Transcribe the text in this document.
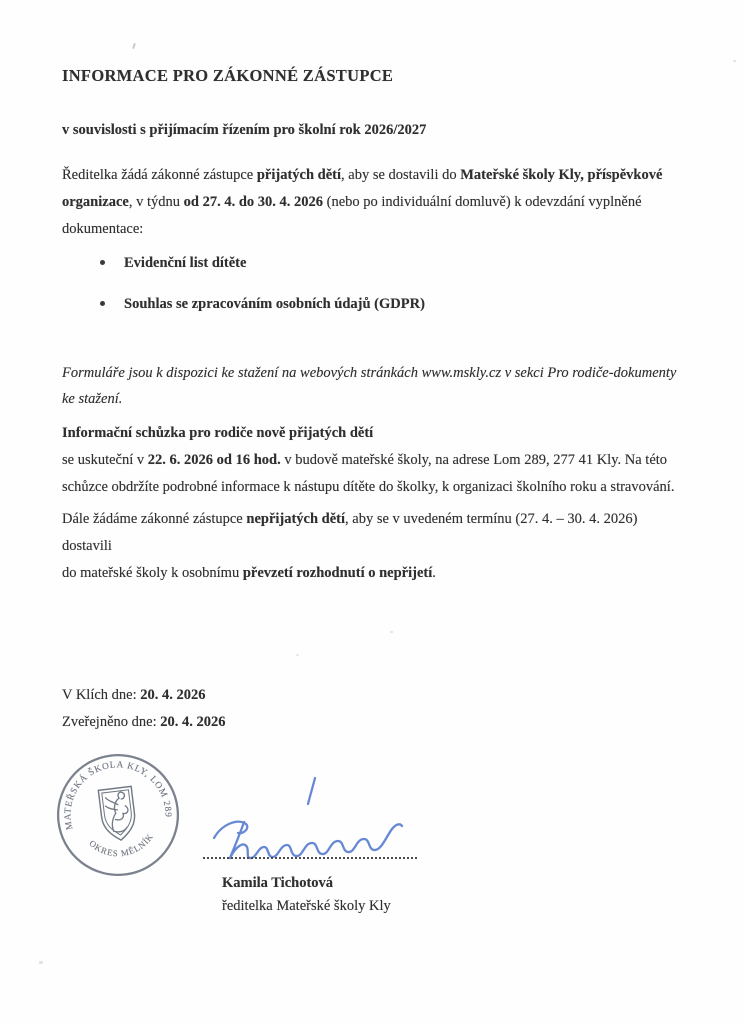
INFORMACE PRO ZÁKONNÉ ZÁSTUPCE
v souvislosti s přijímacím řízením pro školní rok 2026/2027

Ředitelka žádá zákonné zástupce přijatých dětí, aby se dostavili do Mateřské školy Kly, příspěvkové
organizace, v týdnu od 27. 4. do 30. 4. 2026 (nebo po individuální domluvě) k odevzdání vyplněné
dokumentace:

Evidenční list dítěte
Souhlas se zpracováním osobních údajů (GDPR)

Formuláře jsou k dispozici ke stažení na webových stránkách www.mskly.cz v sekci Pro rodiče-dokumenty
ke stažení.

Informační schůzka pro rodiče nově přijatých dětí
se uskuteční v 22. 6. 2026 od 16 hod. v budově mateřské školy, na adrese Lom 289, 277 41 Kly. Na této
schůzce obdržíte podrobné informace k nástupu dítěte do školky, k organizaci školního roku a stravování.

Dále žádáme zákonné zástupce nepřijatých dětí, aby se v uvedeném termínu (27. 4. – 30. 4. 2026) dostavili
do mateřské školy k osobnímu převzetí rozhodnutí o nepřijetí.

V Klích dne: 20. 4. 2026
Zveřejněno dne: 20. 4. 2026
MATEŘSKÁ ŠKOLA KLY, LOM 289
OKRES MĚLNÍK
Kamila Tichotová
ředitelka Mateřské školy Kly
